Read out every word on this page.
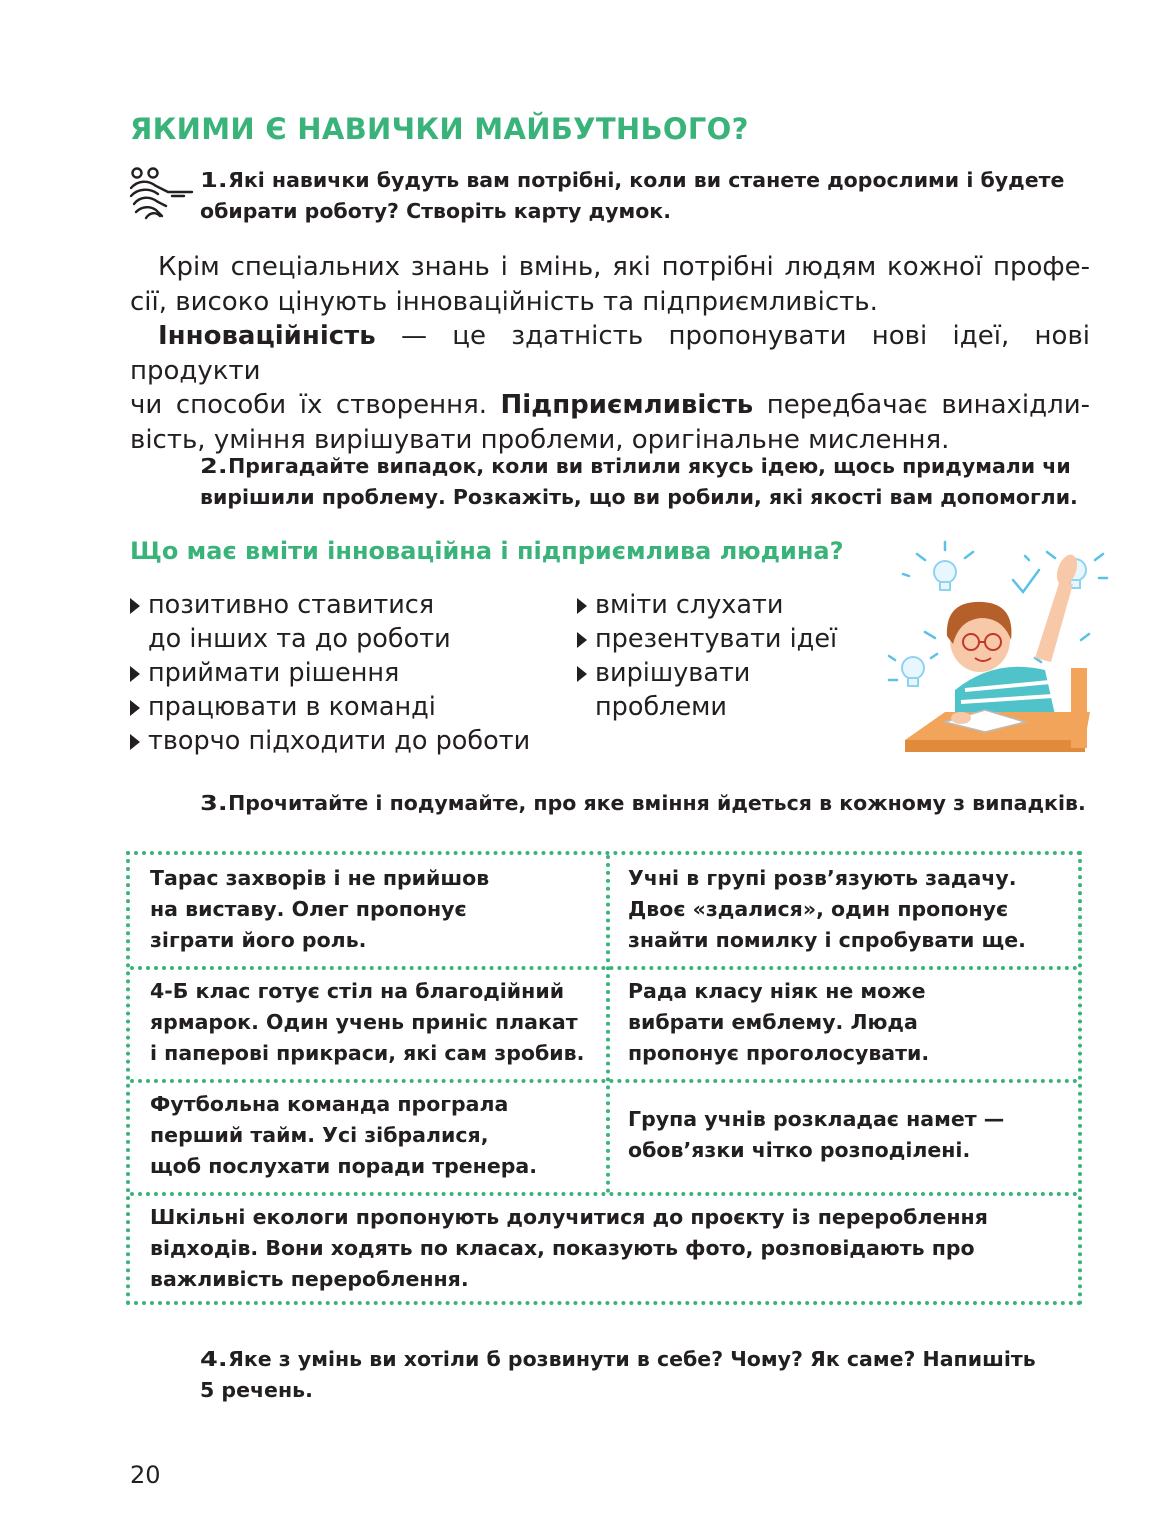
ЯКИМИ Є НАВИЧКИ МАЙБУТНЬОГО?
1.Які навички будуть вам потрібні, коли ви станете дорослими і будете
обирати роботу? Створіть карту думок.
Крім спеціальних знань і вмінь, які потрібні людям кожної профе-
сії, високо цінують інноваційність та підприємливість.
Інноваційність — це здатність пропонувати нові ідеї, нові продукти
чи способи їх створення. Підприємливість передбачає винахідли-
вість, уміння вирішувати проблеми, оригінальне мислення.
2.Пригадайте випадок, коли ви втілили якусь ідею, щось придумали чи
вирішили проблему. Розкажіть, що ви робили, які якості вам допомогли.
Що має вміти інноваційна і підприємлива людина?
позитивно ставитися
до інших та до роботи
приймати рішення
працювати в команді
творчо підходити до роботи
вміти слухати
презентувати ідеї
вирішувати
проблеми
3.Прочитайте і подумайте, про яке вміння йдеться в кожному з випадків.
Тарас захворів і не прийшов
на виставу. Олег пропонує
зіграти його роль.
Учні в групі розв’язують задачу.
Двоє «здалися», один пропонує
знайти помилку і спробувати ще.
4-Б клас готує стіл на благодійний
ярмарок. Один учень приніс плакат
і паперові прикраси, які сам зробив.
Рада класу ніяк не може
вибрати емблему. Люда
пропонує проголосувати.
Футбольна команда програла
перший тайм. Усі зібралися,
щоб послухати поради тренера.
Група учнів розкладає намет —
обов’язки чітко розподілені.
Шкільні екологи пропонують долучитися до проєкту із перероблення
відходів. Вони ходять по класах, показують фото, розповідають про
важливість перероблення.
4.Яке з умінь ви хотіли б розвинути в себе? Чому? Як саме? Напишіть
5 речень.
20
